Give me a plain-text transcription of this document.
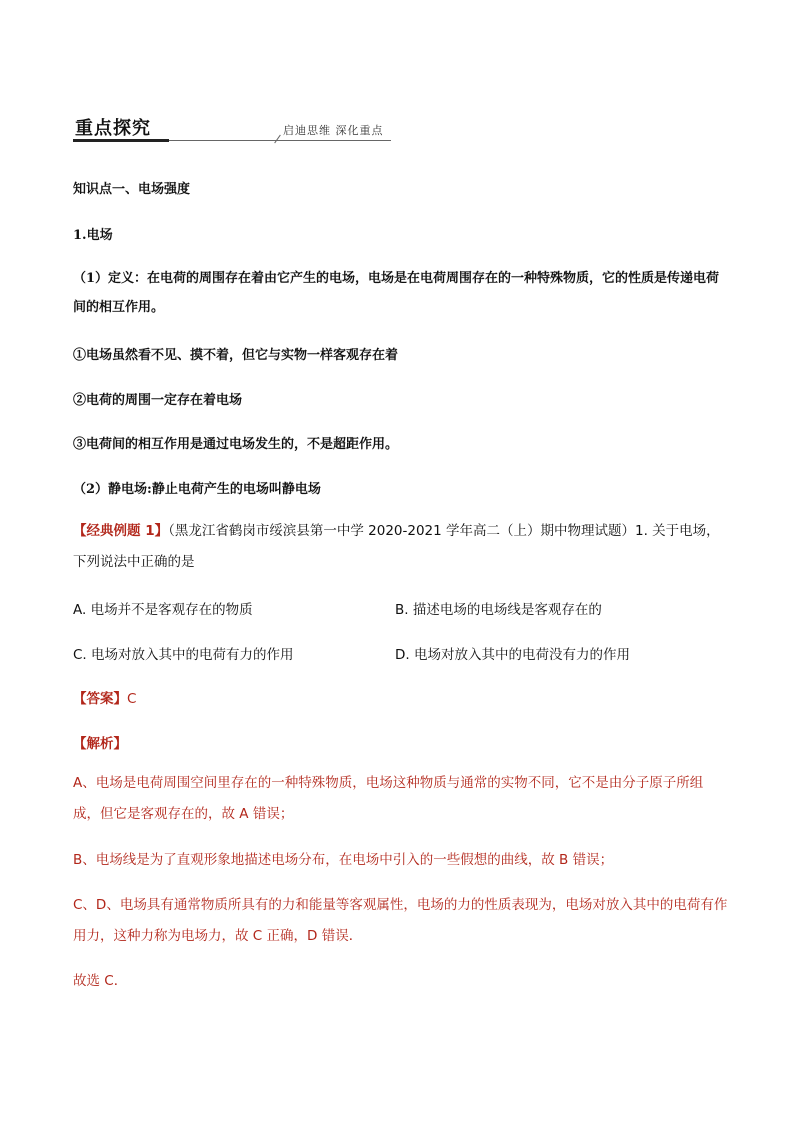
重点探究	启迪思维 深化重点
知识点一、电场强度
1.电场
（1）定义：在电荷的周围存在着由它产生的电场，电场是在电荷周围存在的一种特殊物质，它的性质是传递电荷间的相互作用。
①电场虽然看不见、摸不着，但它与实物一样客观存在着
②电荷的周围一定存在着电场
③电荷间的相互作用是通过电场发生的，不是超距作用。
（2）静电场:静止电荷产生的电场叫静电场
【经典例题 1】（黑龙江省鹤岗市绥滨县第一中学 2020-2021 学年高二（上）期中物理试题）1. 关于电场，下列说法中正确的是
A. 电场并不是客观存在的物质	B. 描述电场的电场线是客观存在的
C. 电场对放入其中的电荷有力的作用	D. 电场对放入其中的电荷没有力的作用
【答案】C
【解析】
A、电场是电荷周围空间里存在的一种特殊物质，电场这种物质与通常的实物不同，它不是由分子原子所组成，但它是客观存在的，故 A 错误；
B、电场线是为了直观形象地描述电场分布，在电场中引入的一些假想的曲线，故 B 错误；
C、D、电场具有通常物质所具有的力和能量等客观属性，电场的力的性质表现为，电场对放入其中的电荷有作用力，这种力称为电场力，故 C 正确，D 错误．
故选 C．
